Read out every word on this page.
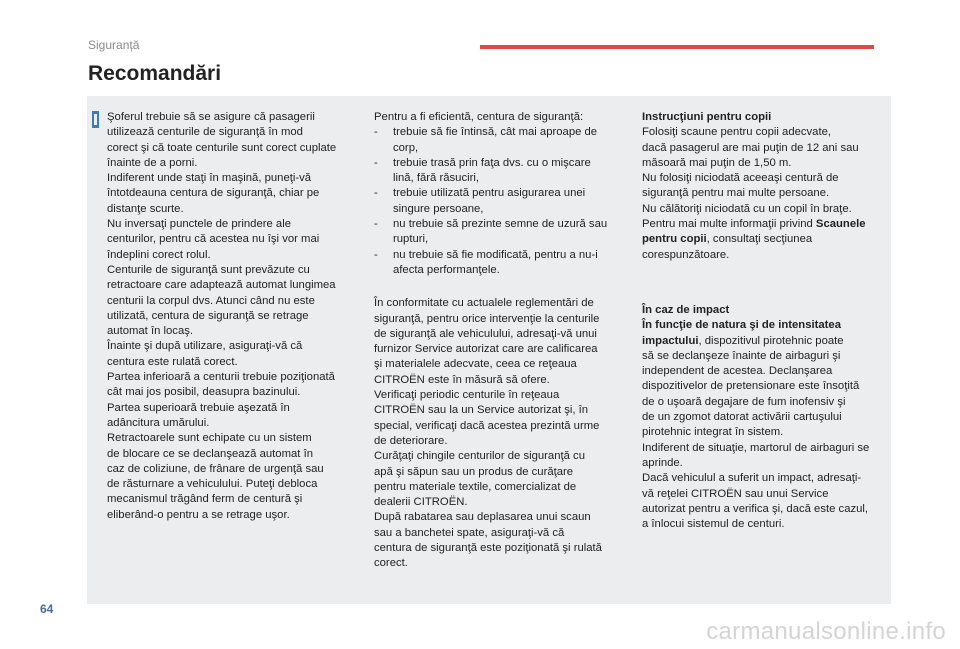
Siguranță
Recomandări

Şoferul trebuie să se asigure că pasagerii

utilizează centurile de siguranţă în mod

corect şi că toate centurile sunt corect cuplate

înainte de a porni.

Indiferent unde staţi în maşină, puneţi-vă

întotdeauna centura de siguranţă, chiar pe

distanţe scurte.

Nu inversaţi punctele de prindere ale

centurilor, pentru că acestea nu îşi vor mai

îndeplini corect rolul.

Centurile de siguranţă sunt prevăzute cu

retractoare care adaptează automat lungimea

centurii la corpul dvs. Atunci când nu este

utilizată, centura de siguranţă se retrage

automat în locaş.

Înainte şi după utilizare, asiguraţi-vă că

centura este rulată corect.

Partea inferioară a centurii trebuie poziţionată

cât mai jos posibil, deasupra bazinului.

Partea superioară trebuie aşezată în

adâncitura umărului.

Retractoarele sunt echipate cu un sistem

de blocare ce se declanşează automat în

caz de coliziune, de frânare de urgenţă sau

de răsturnare a vehiculului. Puteţi debloca

mecanismul trăgând ferm de centură şi

eliberând-o pentru a se retrage uşor.

Pentru a fi eficientă, centura de siguranţă:

- trebuie să fie întinsă, cât mai aproape de

corp,

- trebuie trasă prin faţa dvs. cu o mişcare

lină, fără răsuciri,

- trebuie utilizată pentru asigurarea unei

singure persoane,

- nu trebuie să prezinte semne de uzură sau

rupturi,

- nu trebuie să fie modificată, pentru a nu-i

afecta performanţele.

În conformitate cu actualele reglementări de

siguranţă, pentru orice intervenţie la centurile

de siguranţă ale vehiculului, adresaţi-vă unui

furnizor Service autorizat care are calificarea

şi materialele adecvate, ceea ce reţeaua

CITROËN este în măsură să ofere.

Verificaţi periodic centurile în reţeaua

CITROËN sau la un Service autorizat şi, în

special, verificaţi dacă acestea prezintă urme

de deteriorare.

Curăţaţi chingile centurilor de siguranţă cu

apă şi săpun sau un produs de curăţare

pentru materiale textile, comercializat de

dealerii CITROËN.

După rabatarea sau deplasarea unui scaun

sau a banchetei spate, asiguraţi-vă că

centura de siguranţă este poziţionată şi rulată

corect.

Instrucţiuni pentru copii

Folosiţi scaune pentru copii adecvate,

dacă pasagerul are mai puţin de 12 ani sau

măsoară mai puţin de 1,50 m.

Nu folosiţi niciodată aceeaşi centură de

siguranţă pentru mai multe persoane.

Nu călătoriţi niciodată cu un copil în braţe.

Pentru mai multe informaţii privind Scaunele

pentru copii, consultaţi secţiunea

corespunzătoare.

În caz de impact

În funcţie de natura şi de intensitatea

impactului, dispozitivul pirotehnic poate

să se declanşeze înainte de airbaguri şi

independent de acestea. Declanşarea

dispozitivelor de pretensionare este însoţită

de o uşoară degajare de fum inofensiv şi

de un zgomot datorat activării cartuşului

pirotehnic integrat în sistem.

Indiferent de situaţie, martorul de airbaguri se

aprinde.

Dacă vehiculul a suferit un impact, adresaţi-

vă reţelei CITROËN sau unui Service

autorizat pentru a verifica şi, dacă este cazul,

a înlocui sistemul de centuri.

64
carmanualsonline.info
